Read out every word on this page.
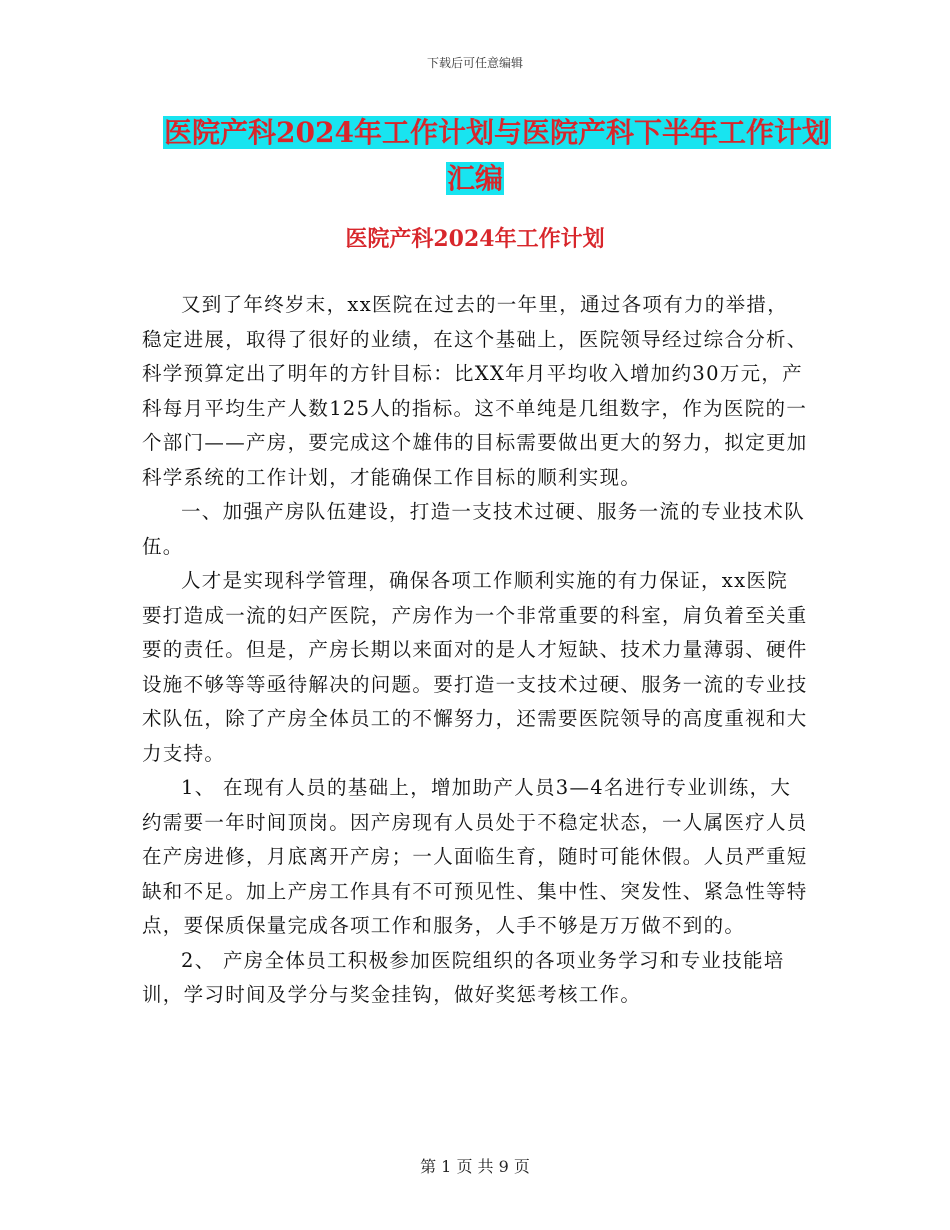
下载后可任意编辑
医院产科2024年工作计划与医院产科下半年工作计划
汇编
医院产科2024年工作计划

又到了年终岁末，xx医院在过去的一年里，通过各项有力的举措，稳定进展，取得了很好的业绩，在这个基础上，医院领导经过综合分析、科学预算定出了明年的方针目标：比XX年月平均收入增加约30万元，产科每月平均生产人数125人的指标。这不单纯是几组数字，作为医院的一个部门——产房，要完成这个雄伟的目标需要做出更大的努力，拟定更加科学系统的工作计划，才能确保工作目标的顺利实现。

一、加强产房队伍建设，打造一支技术过硬、服务一流的专业技术队伍。

人才是实现科学管理，确保各项工作顺利实施的有力保证，xx医院要打造成一流的妇产医院，产房作为一个非常重要的科室，肩负着至关重要的责任。但是，产房长期以来面对的是人才短缺、技术力量薄弱、硬件设施不够等等亟待解决的问题。要打造一支技术过硬、服务一流的专业技术队伍，除了产房全体员工的不懈努力，还需要医院领导的高度重视和大力支持。

1、 在现有人员的基础上，增加助产人员3—4名进行专业训练，大约需要一年时间顶岗。因产房现有人员处于不稳定状态，一人属医疗人员在产房进修，月底离开产房；一人面临生育，随时可能休假。人员严重短缺和不足。加上产房工作具有不可预见性、集中性、突发性、紧急性等特点，要保质保量完成各项工作和服务，人手不够是万万做不到的。

2、 产房全体员工积极参加医院组织的各项业务学习和专业技能培训，学习时间及学分与奖金挂钩，做好奖惩考核工作。

第 1 页 共 9 页
